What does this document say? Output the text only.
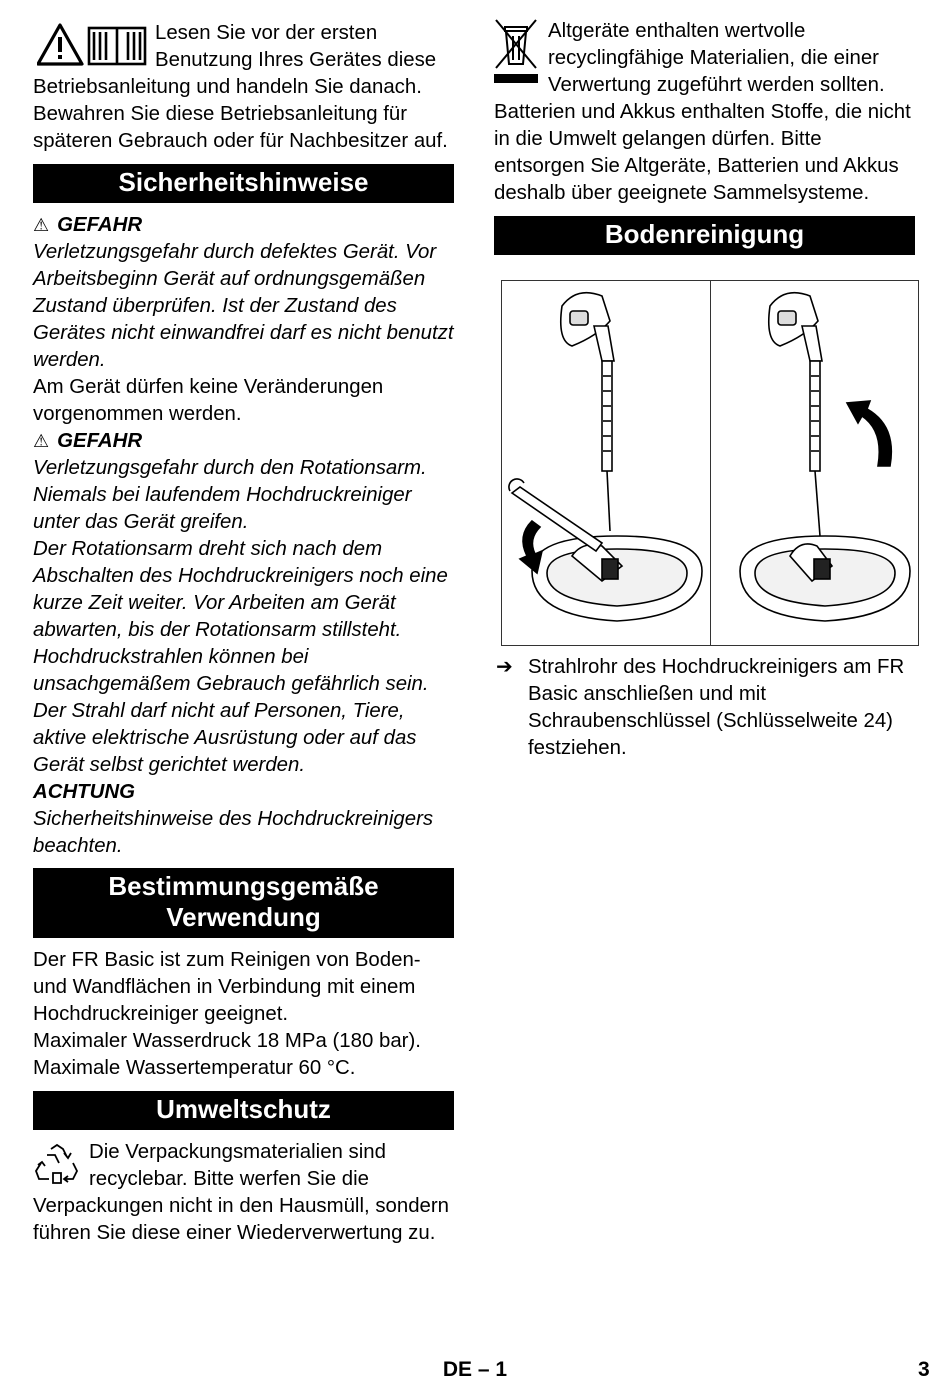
Lesen Sie vor der ersten Benutzung Ihres Gerätes diese Betriebsanleitung und handeln Sie danach. Bewahren Sie diese Betriebsanleitung für späteren Gebrauch oder für Nachbesitzer auf.

Sicherheitshinweise
⚠ GEFAHR

Verletzungsgefahr durch defektes Gerät. Vor Arbeitsbeginn Gerät auf ordnungsgemäßen Zustand überprüfen. Ist der Zustand des Gerätes nicht einwandfrei darf es nicht benutzt werden.

Am Gerät dürfen keine Veränderungen vorgenommen werden.

⚠ GEFAHR

Verletzungsgefahr durch den Rotationsarm. Niemals bei laufendem Hochdruckreiniger unter das Gerät greifen.

Der Rotationsarm dreht sich nach dem Abschalten des Hochdruckreinigers noch eine kurze Zeit weiter. Vor Arbeiten am Gerät abwarten, bis der Rotationsarm stillsteht. Hochdruckstrahlen können bei unsachgemäßem Gebrauch gefährlich sein. Der Strahl darf nicht auf Personen, Tiere, aktive elektrische Ausrüstung oder auf das Gerät selbst gerichtet werden.

ACHTUNG

Sicherheitshinweise des Hochdruckreinigers beachten.

Bestimmungsgemäße
Verwendung

Der FR Basic ist zum Reinigen von Boden- und Wandflächen in Verbindung mit einem Hochdruckreiniger geeignet.

Maximaler Wasserdruck 18 MPa (180 bar).

Maximale Wassertemperatur 60 °C.

Umweltschutz

Die Verpackungsmaterialien sind recyclebar. Bitte werfen Sie die Verpackungen nicht in den Hausmüll, sondern führen Sie diese einer Wiederverwertung zu.

Altgeräte enthalten wertvolle recyclingfähige Materialien, die einer Verwertung zugeführt werden sollten.

Batterien und Akkus enthalten Stoffe, die nicht in die Umwelt gelangen dürfen. Bitte entsorgen Sie Altgeräte, Batterien und Akkus deshalb über geeignete Sammelsysteme.

Bodenreinigung
➔ Strahlrohr des Hochdruckreinigers am FR Basic anschließen und mit Schraubenschlüssel (Schlüsselweite 24) festziehen.

DE – 1	3
